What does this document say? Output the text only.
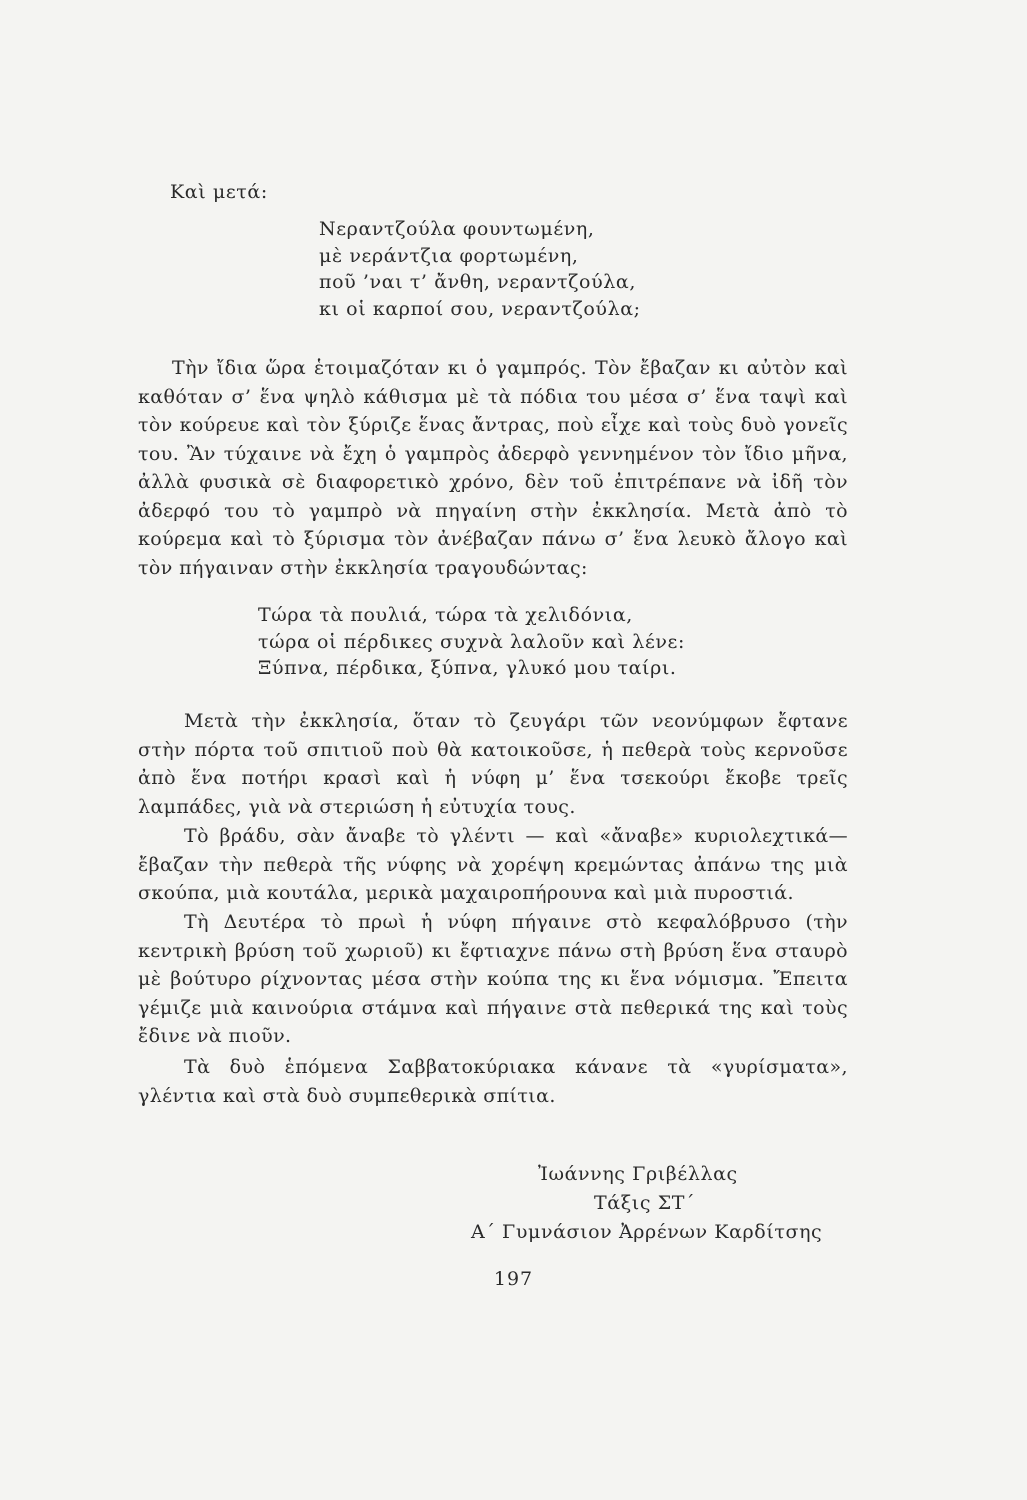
Καὶ μετά:
Νεραντζούλα φουντωμένη,
μὲ νεράντζια φορτωμένη,
ποῦ ’ναι τ’ ἄνθη, νεραντζούλα,
κι οἱ καρποί σου, νεραντζούλα;
Τὴν ἴδια ὥρα ἑτοιμαζόταν κι ὁ γαμπρός. Τὸν ἔβαζαν κι αὐτὸν καὶ καθόταν σ’ ἕνα ψηλὸ κάθισμα μὲ τὰ πόδια του μέσα σ’ ἕνα ταψὶ καὶ τὸν κούρευε καὶ τὸν ξύριζε ἕνας ἄντρας, ποὺ εἶχε καὶ τοὺς δυὸ γονεῖς του. Ἂν τύχαινε νὰ ἔχη ὁ γαμπρὸς ἀδερφὸ γεννημένον τὸν ἴδιο μῆνα, ἀλλὰ φυσικὰ σὲ διαφορετικὸ χρόνο, δὲν τοῦ ἐπιτρέπανε νὰ ἰδῆ τὸν ἀδερφό του τὸ γαμπρὸ νὰ πηγαίνη στὴν ἐκκλησία. Μετὰ ἀπὸ τὸ κούρεμα καὶ τὸ ξύρισμα τὸν ἀνέβαζαν πάνω σ’ ἕνα λευκὸ ἄλογο καὶ τὸν πήγαιναν στὴν ἐκκλησία τραγουδώντας:
Τώρα τὰ πουλιά, τώρα τὰ χελιδόνια,
τώρα οἱ πέρδικες συχνὰ λαλοῦν καὶ λένε:
Ξύπνα, πέρδικα, ξύπνα, γλυκό μου ταίρι.
Μετὰ τὴν ἐκκλησία, ὅταν τὸ ζευγάρι τῶν νεονύμφων ἔφτανε στὴν πόρτα τοῦ σπιτιοῦ ποὺ θὰ κατοικοῦσε, ἡ πεθερὰ τοὺς κερνοῦσε ἀπὸ ἕνα ποτήρι κρασὶ καὶ ἡ νύφη μ’ ἕνα τσεκούρι ἔκοβε τρεῖς λαμπάδες, γιὰ νὰ στεριώση ἡ εὐτυχία τους.
Τὸ βράδυ, σὰν ἄναβε τὸ γλέντι — καὶ «ἄναβε» κυριολεχτικά— ἔβαζαν τὴν πεθερὰ τῆς νύφης νὰ χορέψη κρεμώντας ἀπάνω της μιὰ σκούπα, μιὰ κουτάλα, μερικὰ μαχαιροπήρουνα καὶ μιὰ πυροστιά.
Τὴ Δευτέρα τὸ πρωὶ ἡ νύφη πήγαινε στὸ κεφαλόβρυσο (τὴν κεντρικὴ βρύση τοῦ χωριοῦ) κι ἔφτιαχνε πάνω στὴ βρύση ἕνα σταυρὸ μὲ βούτυρο ρίχνοντας μέσα στὴν κούπα της κι ἕνα νόμισμα. Ἔπειτα γέμιζε μιὰ καινούρια στάμνα καὶ πήγαινε στὰ πεθερικά της καὶ τοὺς ἔδινε νὰ πιοῦν.
Τὰ δυὸ ἑπόμενα Σαββατοκύριακα κάνανε τὰ «γυρίσματα», γλέντια καὶ στὰ δυὸ συμπεθερικὰ σπίτια.
Ἰωάννης Γριβέλλας
Τάξις ΣΤ΄
Α΄ Γυμνάσιον Ἀρρένων Καρδίτσης
197
